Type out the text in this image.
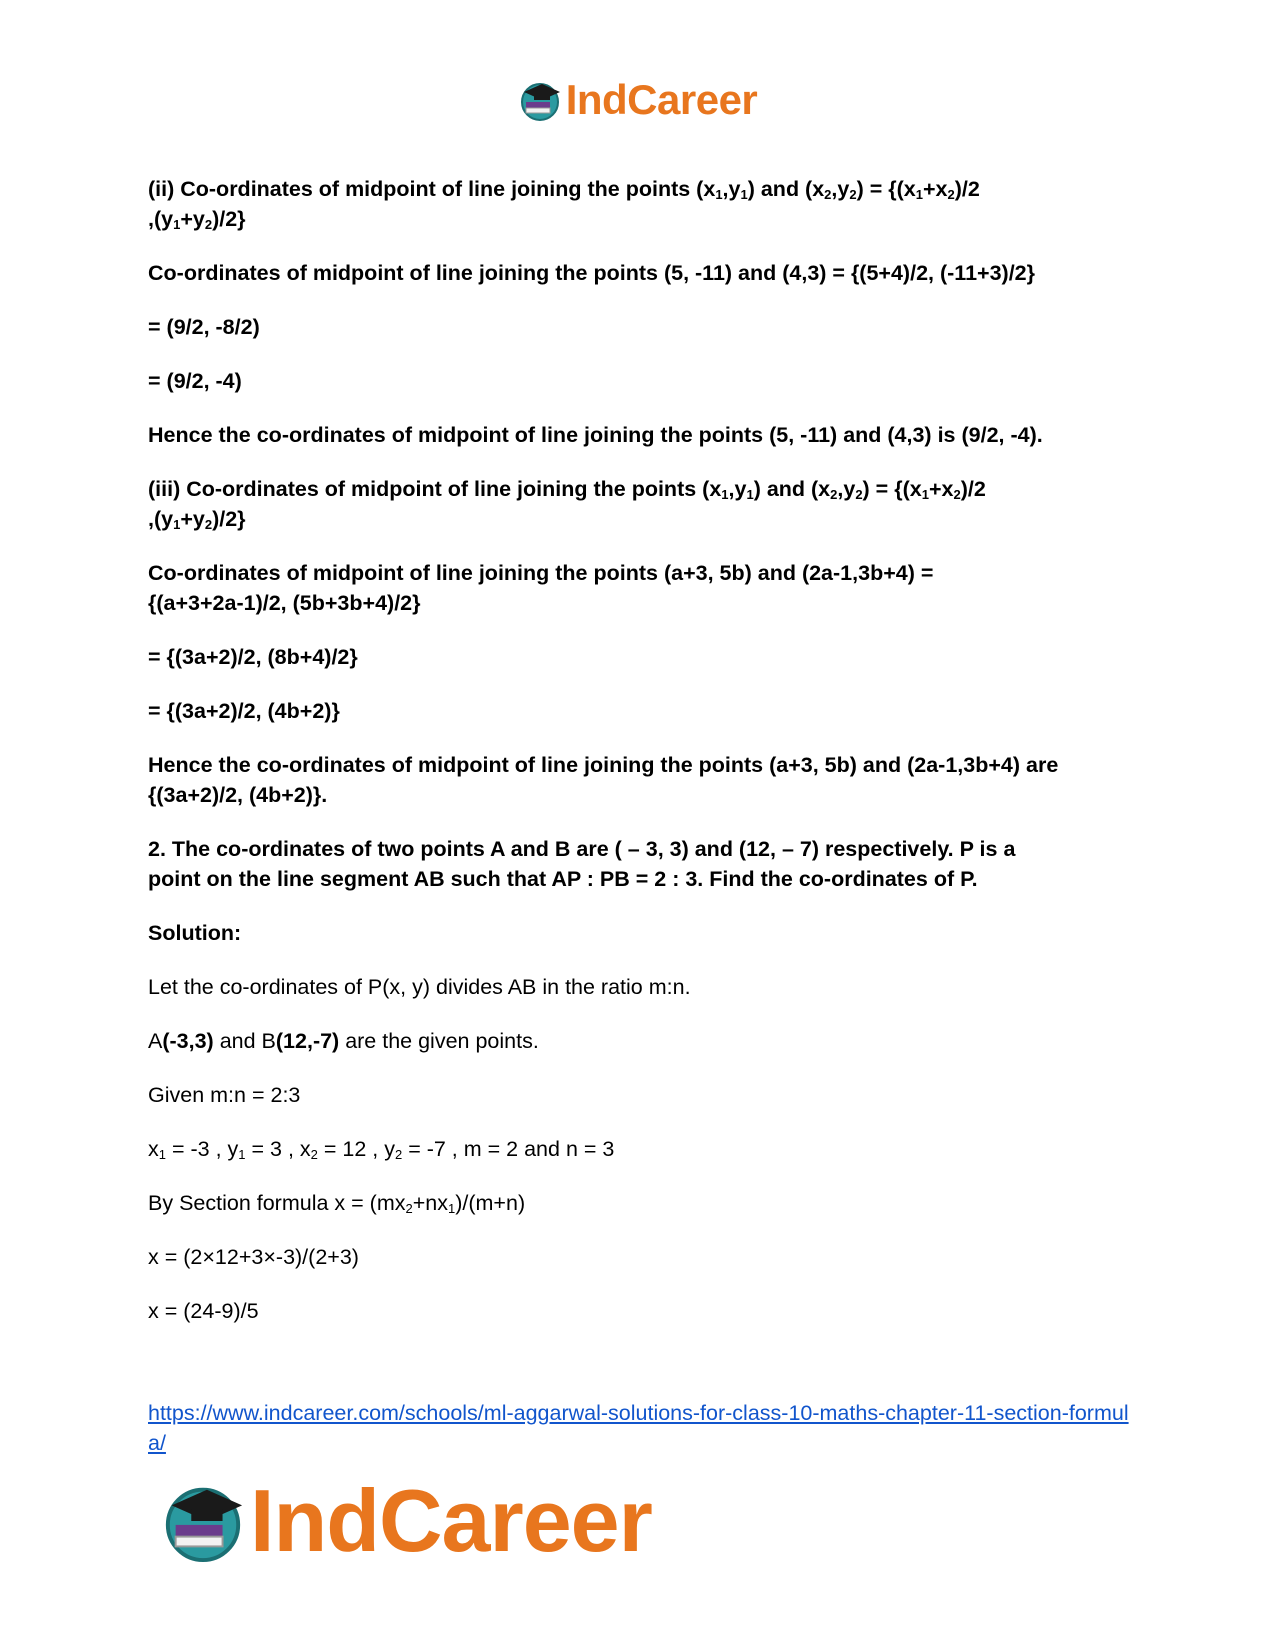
IndCareer
(ii) Co-ordinates of midpoint of line joining the points $(x_1,y_1)$ and $(x_2,y_2) = \{(x_1+x_2)/2$
$,(y_1+y_2)/2$}
Co-ordinates of midpoint of line joining the points (5, -11) and (4,3) = {(5+4)/2, (-11+3)/2}
= (9/2, -8/2)
= (9/2, -4)
Hence the co-ordinates of midpoint of line joining the points (5, -11) and (4,3) is (9/2, -4).
(iii) Co-ordinates of midpoint of line joining the points $(x_1,y_1)$ and $(x_2,y_2) = \{(x_1+x_2)/2$
$,(y_1+y_2)/2$}
Co-ordinates of midpoint of line joining the points (a+3, 5b) and (2a-1,3b+4) =
{(a+3+2a-1)/2, (5b+3b+4)/2}
= {(3a+2)/2, (8b+4)/2}
= {(3a+2)/2, (4b+2)}
Hence the co-ordinates of midpoint of line joining the points (a+3, 5b) and (2a-1,3b+4) are
{(3a+2)/2, (4b+2)}.
2. The co-ordinates of two points A and B are ( – 3, 3) and (12, – 7) respectively. P is a
point on the line segment AB such that AP : PB = 2 : 3. Find the co-ordinates of P.
Solution:
Let the co-ordinates of P(x, y) divides AB in the ratio m:n.
A(-3,3) and B(12,-7) are the given points.
Given m:n = 2:3
$x_1 = -3$ , $y_1 = 3$ , $x_2 = 12$ , $y_2 = -7$ , m = 2 and n = 3
By Section formula $x = (mx_2+nx_1)/(m+n)$
x = (2×12+3×-3)/(2+3)
x = (24-9)/5
https://www.indcareer.com/schools/ml-aggarwal-solutions-for-class-10-maths-chapter-11-section-formula/
IndCareer
